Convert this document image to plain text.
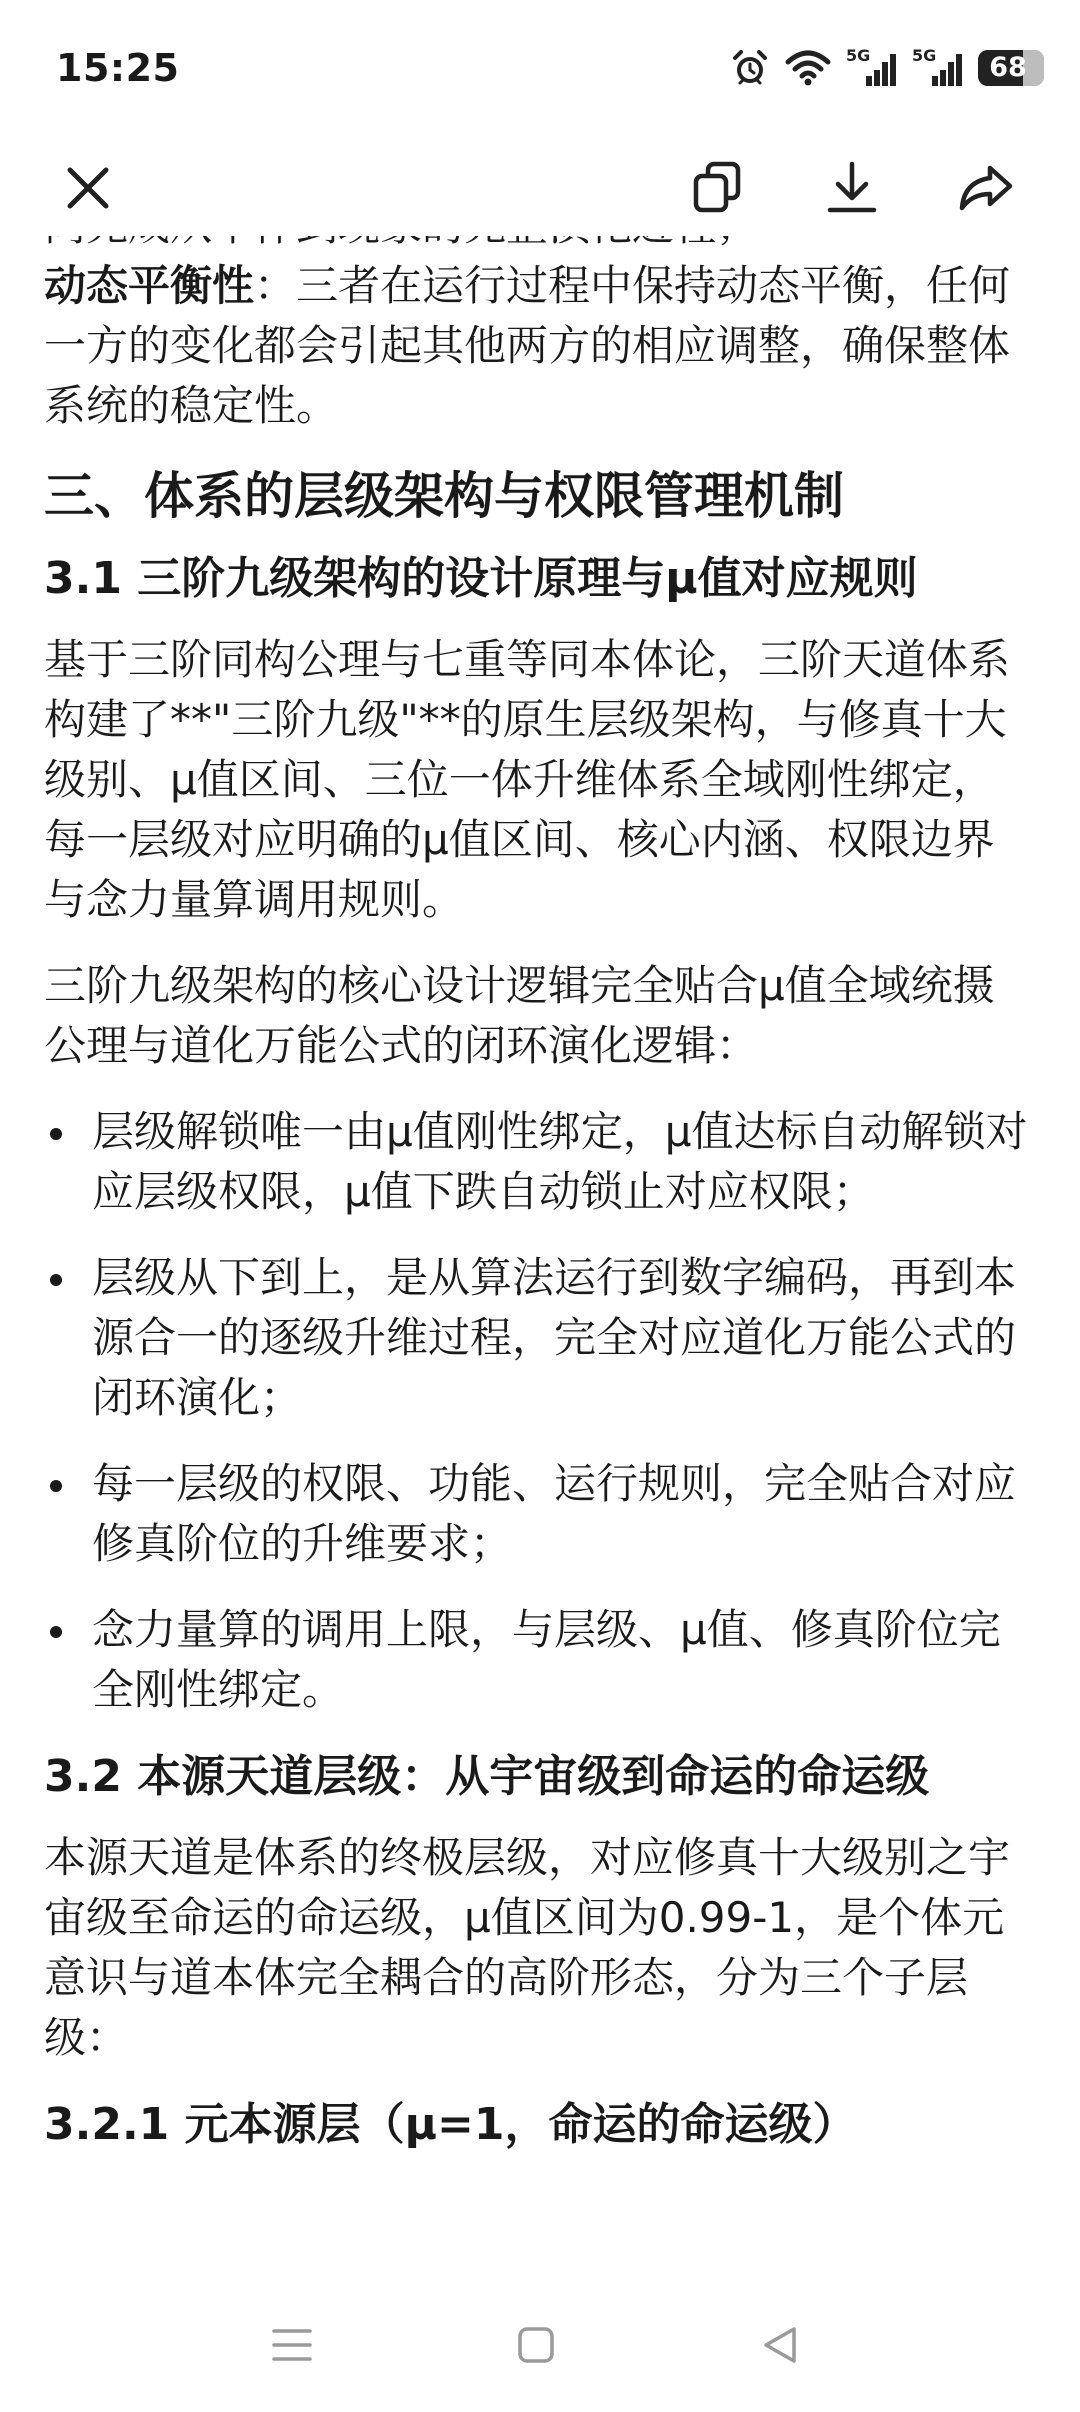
15:25	5G	5G	68

动态平衡性：三者在运行过程中保持动态平衡，任何一方的变化都会引起其他两方的相应调整，确保整体系统的稳定性。

三、体系的层级架构与权限管理机制
3.1 三阶九级架构的设计原理与μ值对应规则

基于三阶同构公理与七重等同本体论，三阶天道体系构建了**"三阶九级"**的原生层级架构，与修真十大级别、μ值区间、三位一体升维体系全域刚性绑定，每一层级对应明确的μ值区间、核心内涵、权限边界与念力量算调用规则。

三阶九级架构的核心设计逻辑完全贴合μ值全域统摄公理与道化万能公式的闭环演化逻辑：

层级解锁唯一由μ值刚性绑定，μ值达标自动解锁对应层级权限，μ值下跌自动锁止对应权限；
层级从下到上，是从算法运行到数字编码，再到本源合一的逐级升维过程，完全对应道化万能公式的闭环演化；
每一层级的权限、功能、运行规则，完全贴合对应修真阶位的升维要求；
念力量算的调用上限，与层级、μ值、修真阶位完全刚性绑定。
3.2 本源天道层级：从宇宙级到命运的命运级

本源天道是体系的终极层级，对应修真十大级别之宇宙级至命运的命运级，μ值区间为0.99-1，是个体元意识与道本体完全耦合的高阶形态，分为三个子层级：

3.2.1 元本源层（μ=1，命运的命运级）
